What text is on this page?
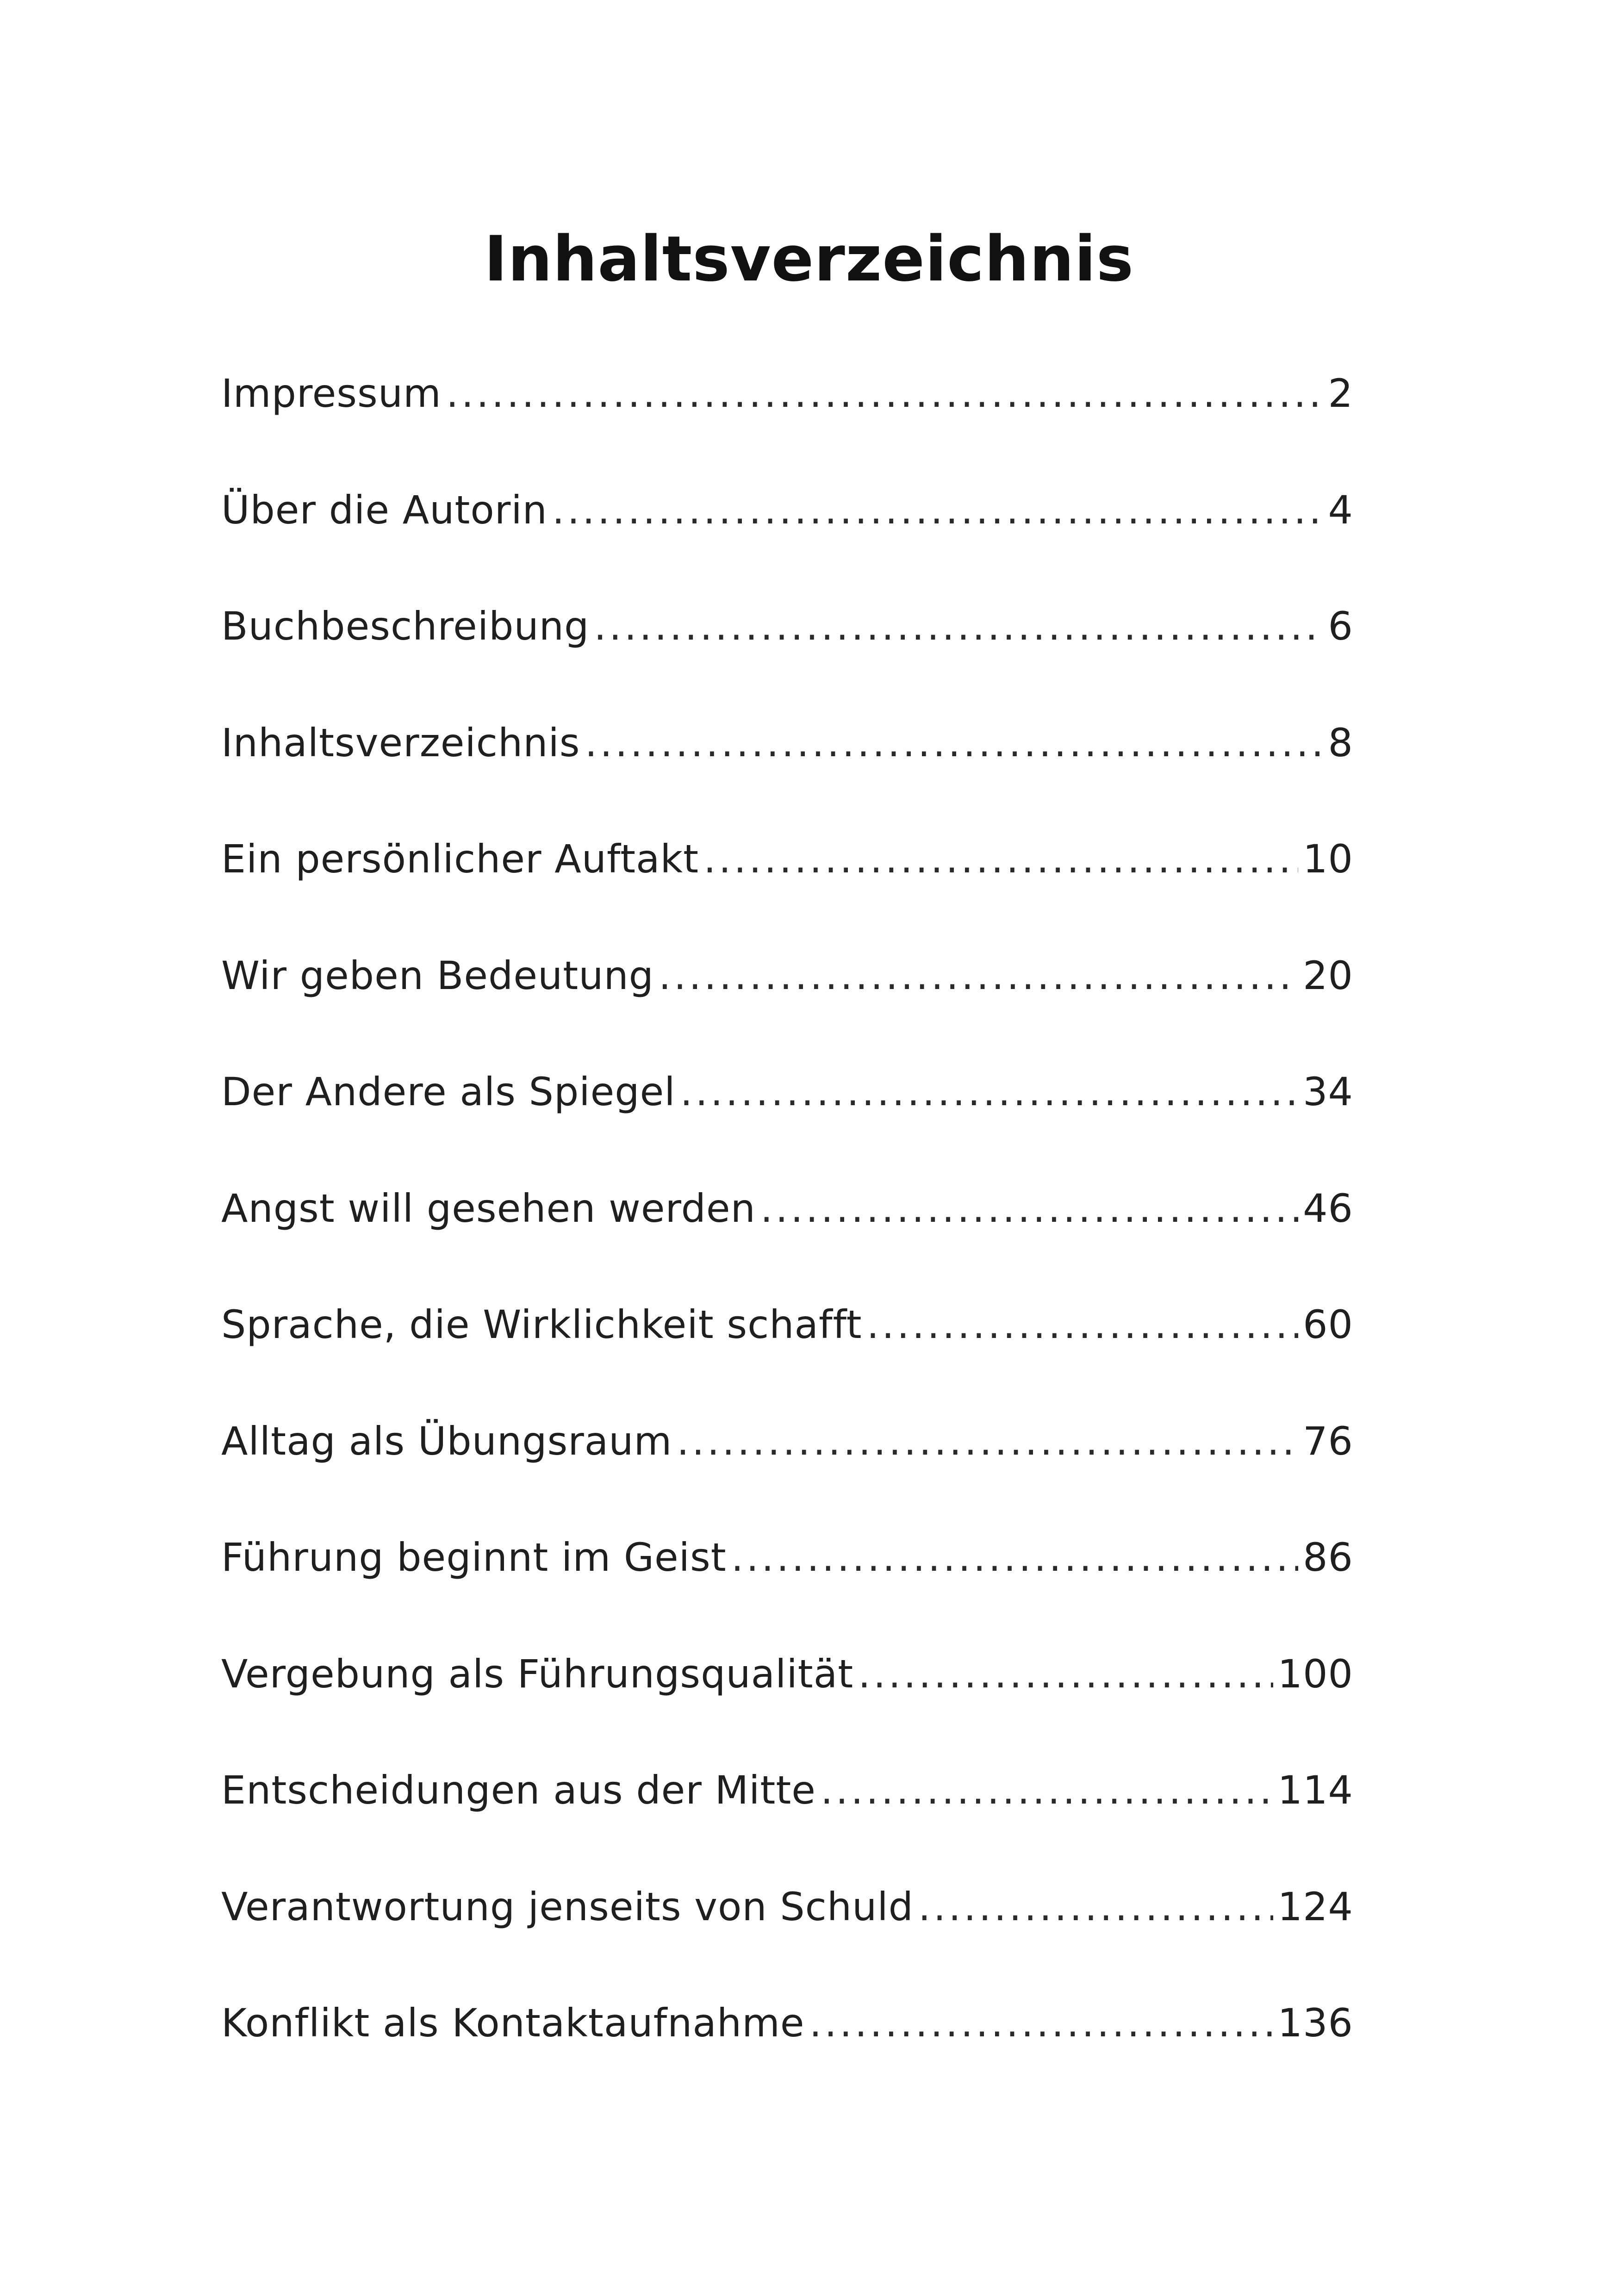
Inhaltsverzeichnis
Impressum .....	2
Über die Autorin .....	4
Buchbeschreibung .....	6
Inhaltsverzeichnis .....	8
Ein persönlicher Auftakt .....	10
Wir geben Bedeutung .....	20
Der Andere als Spiegel .....	34
Angst will gesehen werden .....	46
Sprache, die Wirklichkeit schafft .....	60
Alltag als Übungsraum .....	76
Führung beginnt im Geist .....	86
Vergebung als Führungsqualität .....	100
Entscheidungen aus der Mitte .....	114
Verantwortung jenseits von Schuld .....	124
Konflikt als Kontaktaufnahme .....	136
